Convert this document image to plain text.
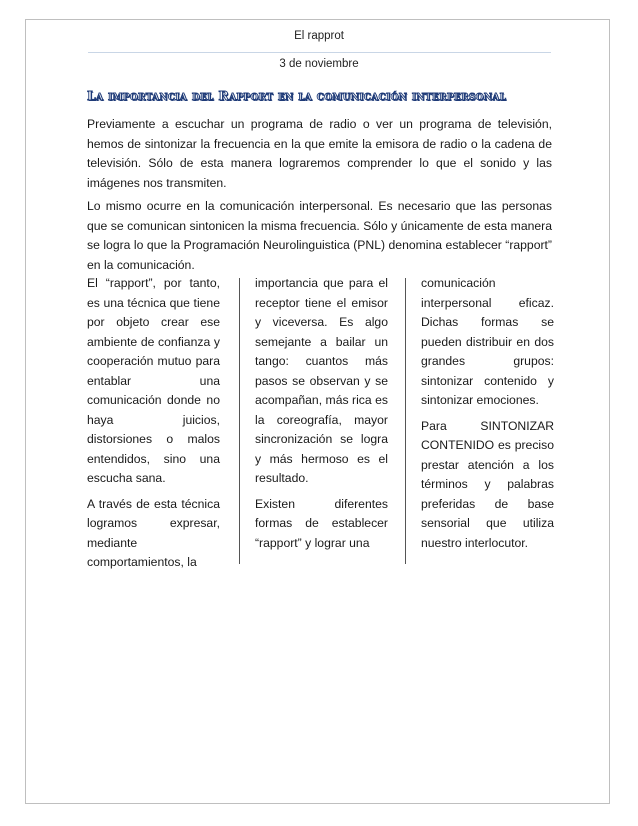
El rapprot
3 de noviembre
La importancia del Rapport en la comunicación interpersonal

Previamente a escuchar un programa de radio o ver un programa de televisión, hemos de sintonizar la frecuencia en la que emite la emisora de radio o la cadena de televisión. Sólo de esta manera lograremos comprender lo que el sonido y las imágenes nos transmiten.

Lo mismo ocurre en la comunicación interpersonal. Es necesario que las personas que se comunican sintonicen la misma frecuencia. Sólo y únicamente de esta manera se logra lo que la Programación Neurolinguistica (PNL) denomina establecer “rapport” en la comunicación.

El “rapport”, por tanto, es una técnica que tiene por objeto crear ese ambiente de confianza y cooperación mutuo para entablar una comunicación donde no haya juicios, distorsiones o malos entendidos, sino una escucha sana.

A través de esta técnica logramos expresar, mediante comportamientos, la

importancia que para el receptor tiene el emisor y viceversa. Es algo semejante a bailar un tango: cuantos más pasos se observan y se acompañan, más rica es la coreografía, mayor sincronización se logra y más hermoso es el resultado.

Existen diferentes formas de establecer “rapport” y lograr una

comunicación interpersonal eficaz. Dichas formas se pueden distribuir en dos grandes grupos: sintonizar contenido y sintonizar emociones.

Para SINTONIZAR CONTENIDO es preciso prestar atención a los términos y palabras preferidas de base sensorial que utiliza nuestro interlocutor.
